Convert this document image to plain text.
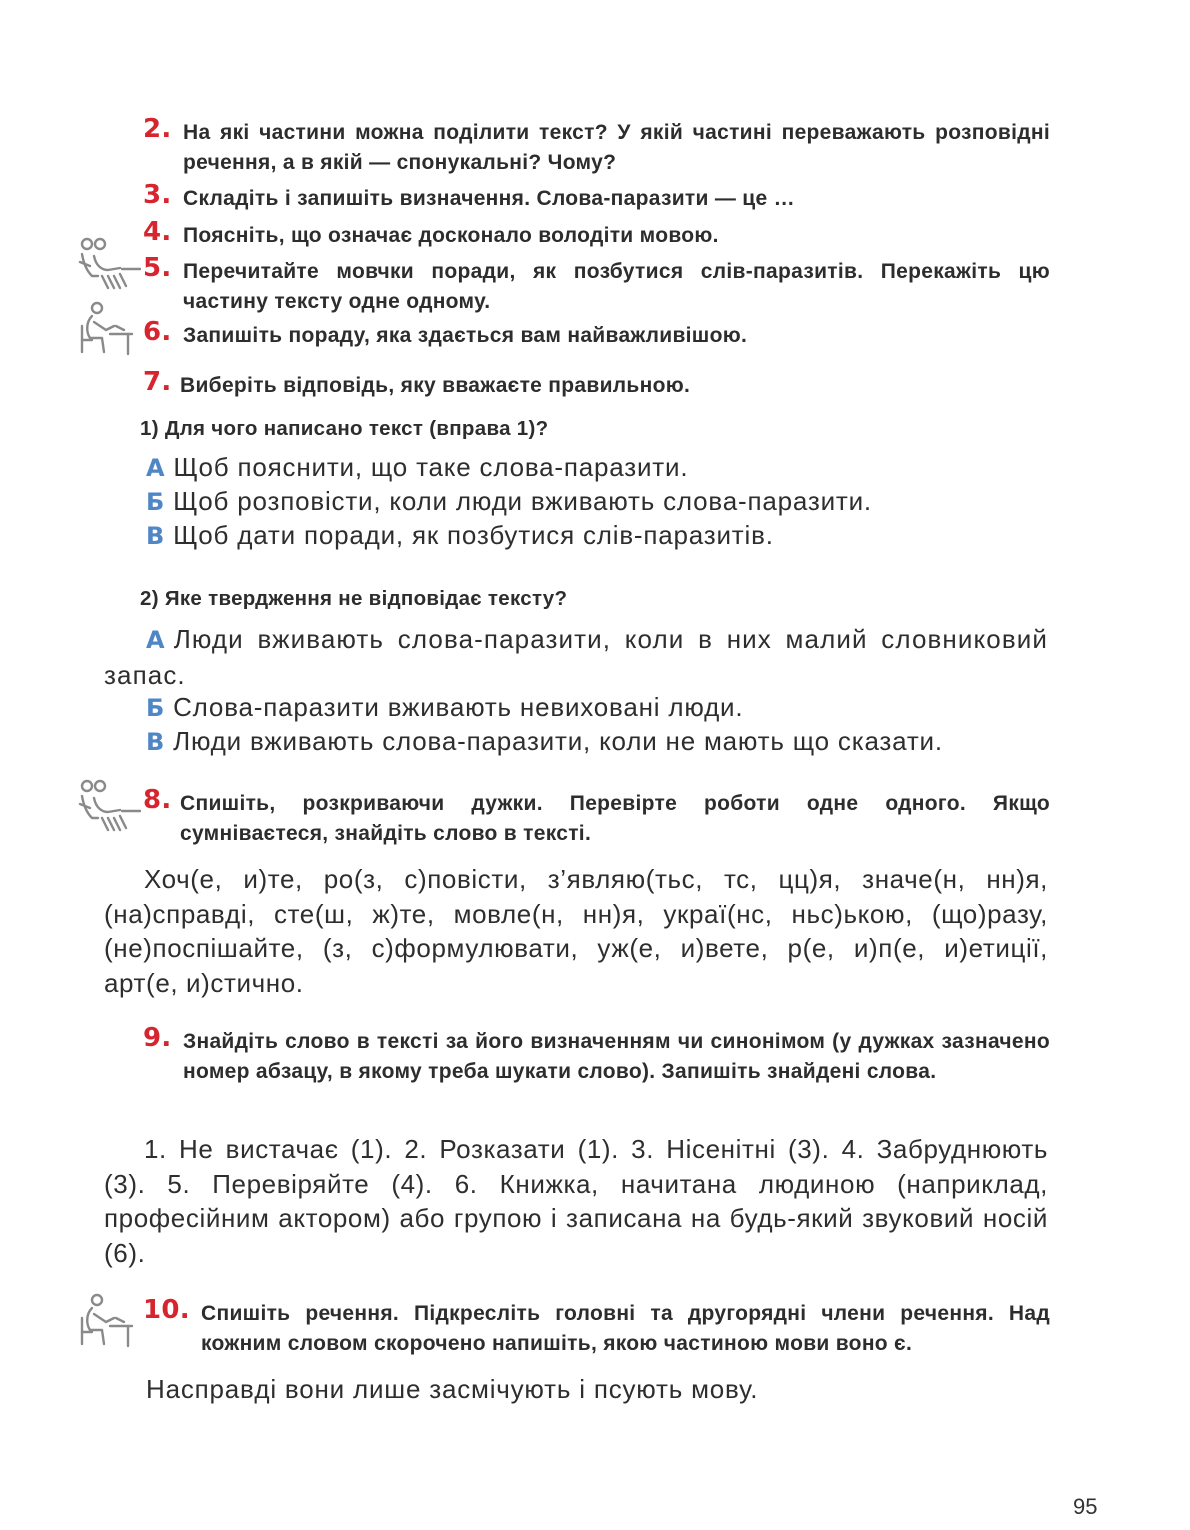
2. На які частини можна поділити текст? У якій частині переважають розповідні речення, а в якій — спонукальні? Чому?
3. Складіть і запишіть визначення. Слова-паразити — це …
4. Поясніть, що означає досконало володіти мовою.
5. Перечитайте мовчки поради, як позбутися слів-паразитів. Перекажіть цю частину тексту одне одному.
6. Запишіть пораду, яка здається вам найважливішою.
7. Виберіть відповідь, яку вважаєте правильною.
1) Для чого написано текст (вправа 1)?
А Щоб пояснити, що таке слова-паразити.
Б Щоб розповісти, коли люди вживають слова-паразити.
В Щоб дати поради, як позбутися слів-паразитів.
2) Яке твердження не відповідає тексту?
А Люди вживають слова-паразити, коли в них малий словниковий запас.
Б Слова-паразити вживають невиховані люди.
В Люди вживають слова-паразити, коли не мають що сказати.
8. Спишіть, розкриваючи дужки. Перевірте роботи одне одного. Якщо сумніваєтеся, знайдіть слово в тексті.
Хоч(е, и)те, ро(з, с)повісти, з’являю(тьс, тс, цц)я, значе(н, нн)я, (на)справді, сте(ш, ж)те, мовле(н, нн)я, украї(нс, ньс)ькою, (що)разу, (не)поспішайте, (з, с)формулювати, уж(е, и)вете, р(е, и)п(е, и)етиції, арт(е, и)стично.
9. Знайдіть слово в тексті за його визначенням чи синонімом (у дужках зазначено номер абзацу, в якому треба шукати слово). Запишіть знайдені слова.
1. Не вистачає (1). 2. Розказати (1). 3. Нісенітні (3). 4. Забруднюють (3). 5. Перевіряйте (4). 6. Книжка, начитана людиною (наприклад, професійним актором) або групою і записана на будь-який звуковий носій (6).
10. Спишіть речення. Підкресліть головні та другорядні члени речення. Над кожним словом скорочено напишіть, якою частиною мови воно є.
Насправді вони лише засмічують і псують мову.
95
